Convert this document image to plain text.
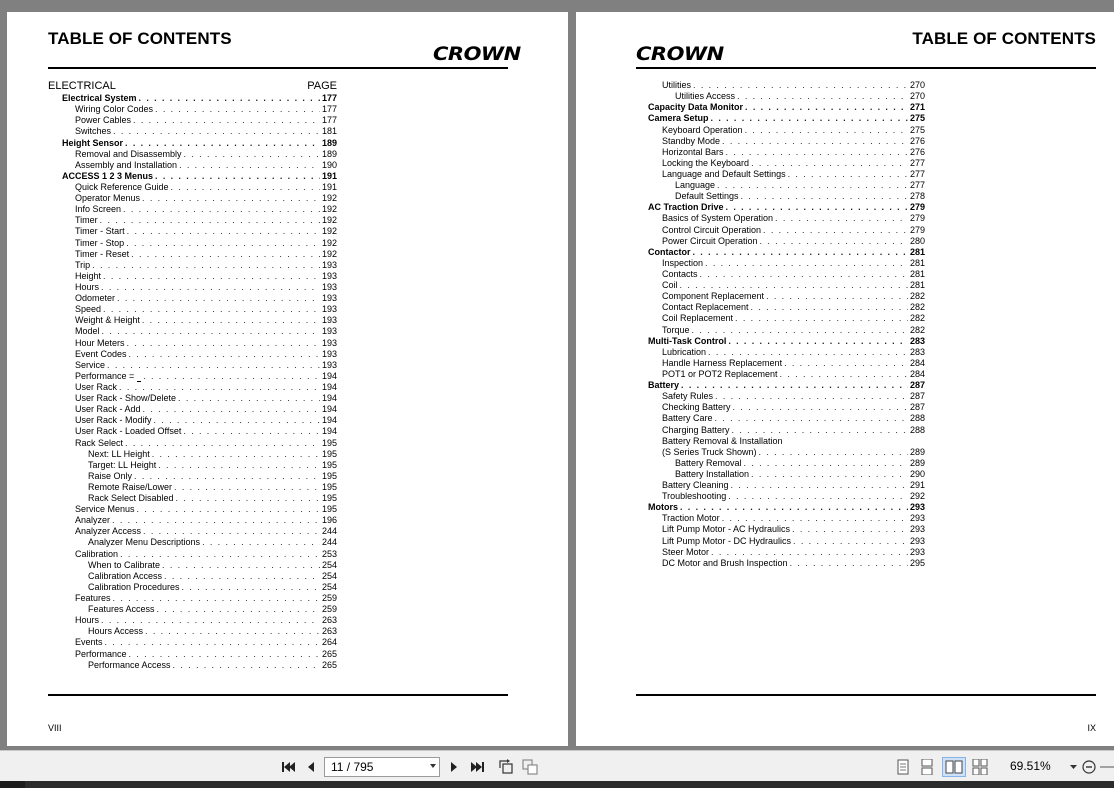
TABLE OF CONTENTS
CROWN
ELECTRICAL	PAGE
Electrical System . . .	177
Wiring Color Codes . . .	177
Power Cables . . .	177
Switches . . .	181
Height Sensor . . .	189
Removal and Disassembly . . .	189
Assembly and Installation . . .	190
ACCESS 1 2 3 Menus . . .	191
Quick Reference Guide . . .	191
Operator Menus . . .	192
Info Screen . . .	192
Timer . . .	192
Timer - Start . . .	192
Timer - Stop . . .	192
Timer - Reset . . .	192
Trip . . .	193
Height . . .	193
Hours . . .	193
Odometer . . .	193
Speed . . .	193
Weight & Height . . .	193
Model . . .	193
Hour Meters . . .	193
Event Codes . . .	193
Service . . .	193
Performance = . . .	194
User Rack . . .	194
User Rack - Show/Delete . . .	194
User Rack - Add . . .	194
User Rack - Modify . . .	194
User Rack - Loaded Offset . . .	194
Rack Select . . .	195
Next: LL Height . . .	195
Target: LL Height . . .	195
Raise Only . . .	195
Remote Raise/Lower . . .	195
Rack Select Disabled . . .	195
Service Menus . . .	195
Analyzer . . .	196
Analyzer Access . . .	244
Analyzer Menu Descriptions . . .	244
Calibration . . .	253
When to Calibrate . . .	254
Calibration Access . . .	254
Calibration Procedures . . .	254
Features . . .	259
Features Access . . .	259
Hours . . .	263
Hours Access . . .	263
Events . . .	264
Performance . . .	265
Performance Access . . .	265
VIII
TABLE OF CONTENTS
CROWN
Utilities . . .	270
Utilities Access . . .	270
Capacity Data Monitor . . .	271
Camera Setup . . .	275
Keyboard Operation . . .	275
Standby Mode . . .	276
Horizontal Bars . . .	276
Locking the Keyboard . . .	277
Language and Default Settings . . .	277
Language . . .	277
Default Settings . . .	278
AC Traction Drive . . .	279
Basics of System Operation . . .	279
Control Circuit Operation . . .	279
Power Circuit Operation . . .	280
Contactor . . .	281
Inspection . . .	281
Contacts . . .	281
Coil . . .	281
Component Replacement . . .	282
Contact Replacement . . .	282
Coil Replacement . . .	282
Torque . . .	282
Multi-Task Control . . .	283
Lubrication . . .	283
Handle Harness Replacement . . .	284
POT1 or POT2 Replacement . . .	284
Battery . . .	287
Safety Rules . . .	287
Checking Battery . . .	287
Battery Care . . .	288
Charging Battery . . .	288
Battery Removal & Installation
(S Series Truck Shown) . . .	289
Battery Removal . . .	289
Battery Installation . . .	290
Battery Cleaning . . .	291
Troubleshooting . . .	292
Motors . . .	293
Traction Motor . . .	293
Lift Pump Motor - AC Hydraulics . . .	293
Lift Pump Motor - DC Hydraulics . . .	293
Steer Motor . . .	293
DC Motor and Brush Inspection . . .	295
IX
11 / 795	69.51%
